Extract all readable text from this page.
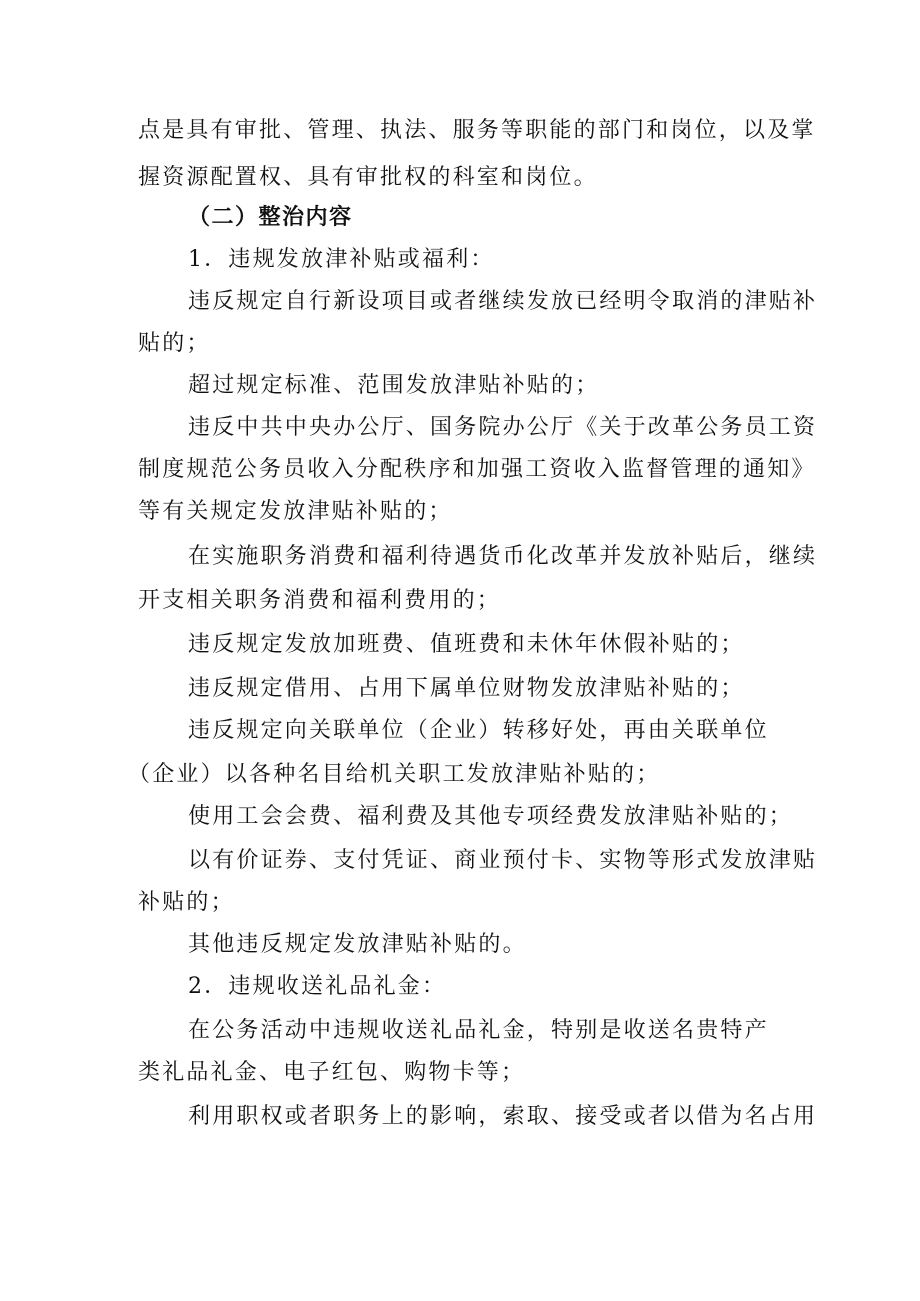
点是具有审批、管理、执法、服务等职能的部门和岗位，以及掌
握资源配置权、具有审批权的科室和岗位。
（二）整治内容
1．违规发放津补贴或福利：
违反规定自行新设项目或者继续发放已经明令取消的津贴补
贴的；
超过规定标准、范围发放津贴补贴的；
违反中共中央办公厅、国务院办公厅《关于改革公务员工资
制度规范公务员收入分配秩序和加强工资收入监督管理的通知》
等有关规定发放津贴补贴的；
在实施职务消费和福利待遇货币化改革并发放补贴后，继续
开支相关职务消费和福利费用的；
违反规定发放加班费、值班费和未休年休假补贴的；
违反规定借用、占用下属单位财物发放津贴补贴的；
违反规定向关联单位（企业）转移好处，再由关联单位
（企业）以各种名目给机关职工发放津贴补贴的；
使用工会会费、福利费及其他专项经费发放津贴补贴的；
以有价证券、支付凭证、商业预付卡、实物等形式发放津贴
补贴的；
其他违反规定发放津贴补贴的。
2．违规收送礼品礼金：
在公务活动中违规收送礼品礼金，特别是收送名贵特产
类礼品礼金、电子红包、购物卡等；
利用职权或者职务上的影响，索取、接受或者以借为名占用
